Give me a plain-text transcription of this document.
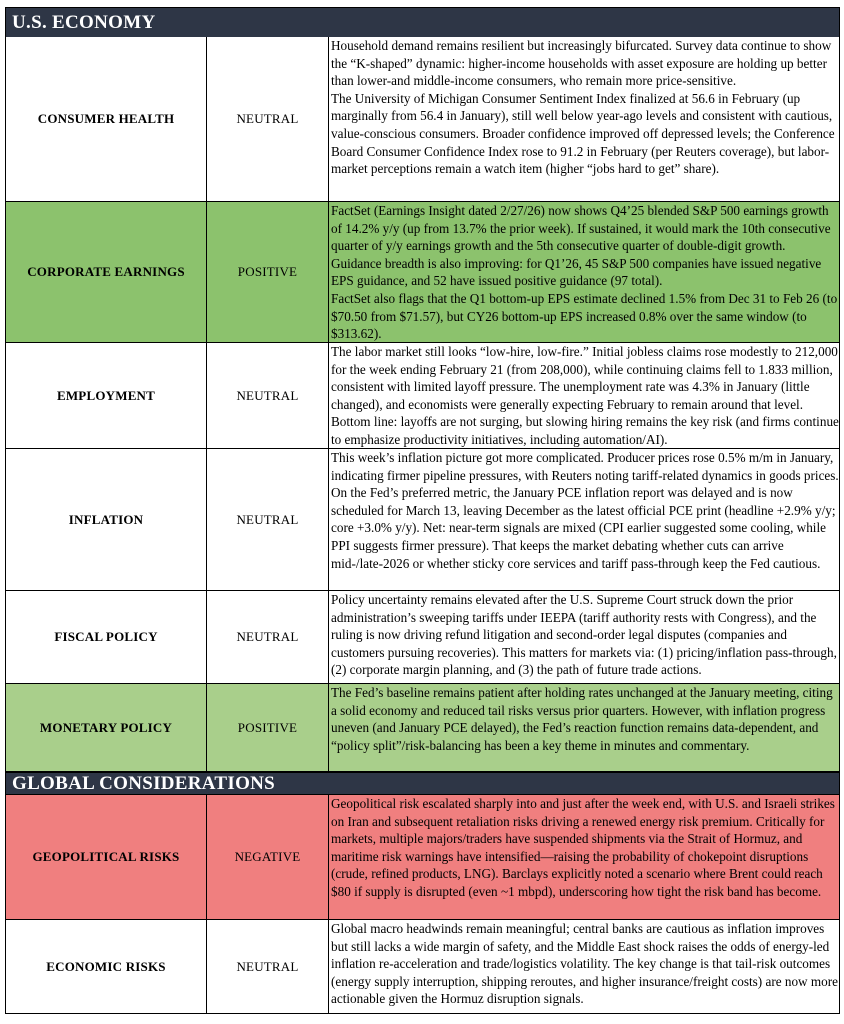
U.S. ECONOMY
CONSUMER HEALTH	NEUTRAL
Household demand remains resilient but increasingly bifurcated. Survey data continue to show the “K-shaped” dynamic: higher-income households with asset exposure are holding up better than lower-and middle-income consumers, who remain more price-sensitive.
The University of Michigan Consumer Sentiment Index finalized at 56.6 in February (up marginally from 56.4 in January), still well below year-ago levels and consistent with cautious, value-conscious consumers. Broader confidence improved off depressed levels; the Conference Board Consumer Confidence Index rose to 91.2 in February (per Reuters coverage), but labor-market perceptions remain a watch item (higher “jobs hard to get” share).
CORPORATE EARNINGS	POSITIVE
FactSet (Earnings Insight dated 2/27/26) now shows Q4’25 blended S&P 500 earnings growth of 14.2% y/y (up from 13.7% the prior week). If sustained, it would mark the 10th consecutive quarter of y/y earnings growth and the 5th consecutive quarter of double-digit growth. Guidance breadth is also improving: for Q1’26, 45 S&P 500 companies have issued negative EPS guidance, and 52 have issued positive guidance (97 total).
FactSet also flags that the Q1 bottom-up EPS estimate declined 1.5% from Dec 31 to Feb 26 (to $70.50 from $71.57), but CY26 bottom-up EPS increased 0.8% over the same window (to $313.62).
EMPLOYMENT	NEUTRAL
The labor market still looks “low-hire, low-fire.” Initial jobless claims rose modestly to 212,000 for the week ending February 21 (from 208,000), while continuing claims fell to 1.833 million, consistent with limited layoff pressure. The unemployment rate was 4.3% in January (little changed), and economists were generally expecting February to remain around that level. Bottom line: layoffs are not surging, but slowing hiring remains the key risk (and firms continue to emphasize productivity initiatives, including automation/AI).
INFLATION	NEUTRAL
This week’s inflation picture got more complicated. Producer prices rose 0.5% m/m in January, indicating firmer pipeline pressures, with Reuters noting tariff-related dynamics in goods prices. On the Fed’s preferred metric, the January PCE inflation report was delayed and is now scheduled for March 13, leaving December as the latest official PCE print (headline +2.9% y/y; core +3.0% y/y). Net: near-term signals are mixed (CPI earlier suggested some cooling, while PPI suggests firmer pressure). That keeps the market debating whether cuts can arrive mid-/late-2026 or whether sticky core services and tariff pass-through keep the Fed cautious.
FISCAL POLICY	NEUTRAL
Policy uncertainty remains elevated after the U.S. Supreme Court struck down the prior administration’s sweeping tariffs under IEEPA (tariff authority rests with Congress), and the ruling is now driving refund litigation and second-order legal disputes (companies and customers pursuing recoveries). This matters for markets via: (1) pricing/inflation pass-through, (2) corporate margin planning, and (3) the path of future trade actions.
MONETARY POLICY	POSITIVE
The Fed’s baseline remains patient after holding rates unchanged at the January meeting, citing a solid economy and reduced tail risks versus prior quarters. However, with inflation progress uneven (and January PCE delayed), the Fed’s reaction function remains data-dependent, and “policy split”/risk-balancing has been a key theme in minutes and commentary.
GLOBAL CONSIDERATIONS
GEOPOLITICAL RISKS	NEGATIVE
Geopolitical risk escalated sharply into and just after the week end, with U.S. and Israeli strikes on Iran and subsequent retaliation risks driving a renewed energy risk premium. Critically for markets, multiple majors/traders have suspended shipments via the Strait of Hormuz, and maritime risk warnings have intensified—raising the probability of chokepoint disruptions (crude, refined products, LNG). Barclays explicitly noted a scenario where Brent could reach $80 if supply is disrupted (even ~1 mbpd), underscoring how tight the risk band has become.
ECONOMIC RISKS	NEUTRAL
Global macro headwinds remain meaningful; central banks are cautious as inflation improves but still lacks a wide margin of safety, and the Middle East shock raises the odds of energy-led inflation re-acceleration and trade/logistics volatility. The key change is that tail-risk outcomes (energy supply interruption, shipping reroutes, and higher insurance/freight costs) are now more actionable given the Hormuz disruption signals.
